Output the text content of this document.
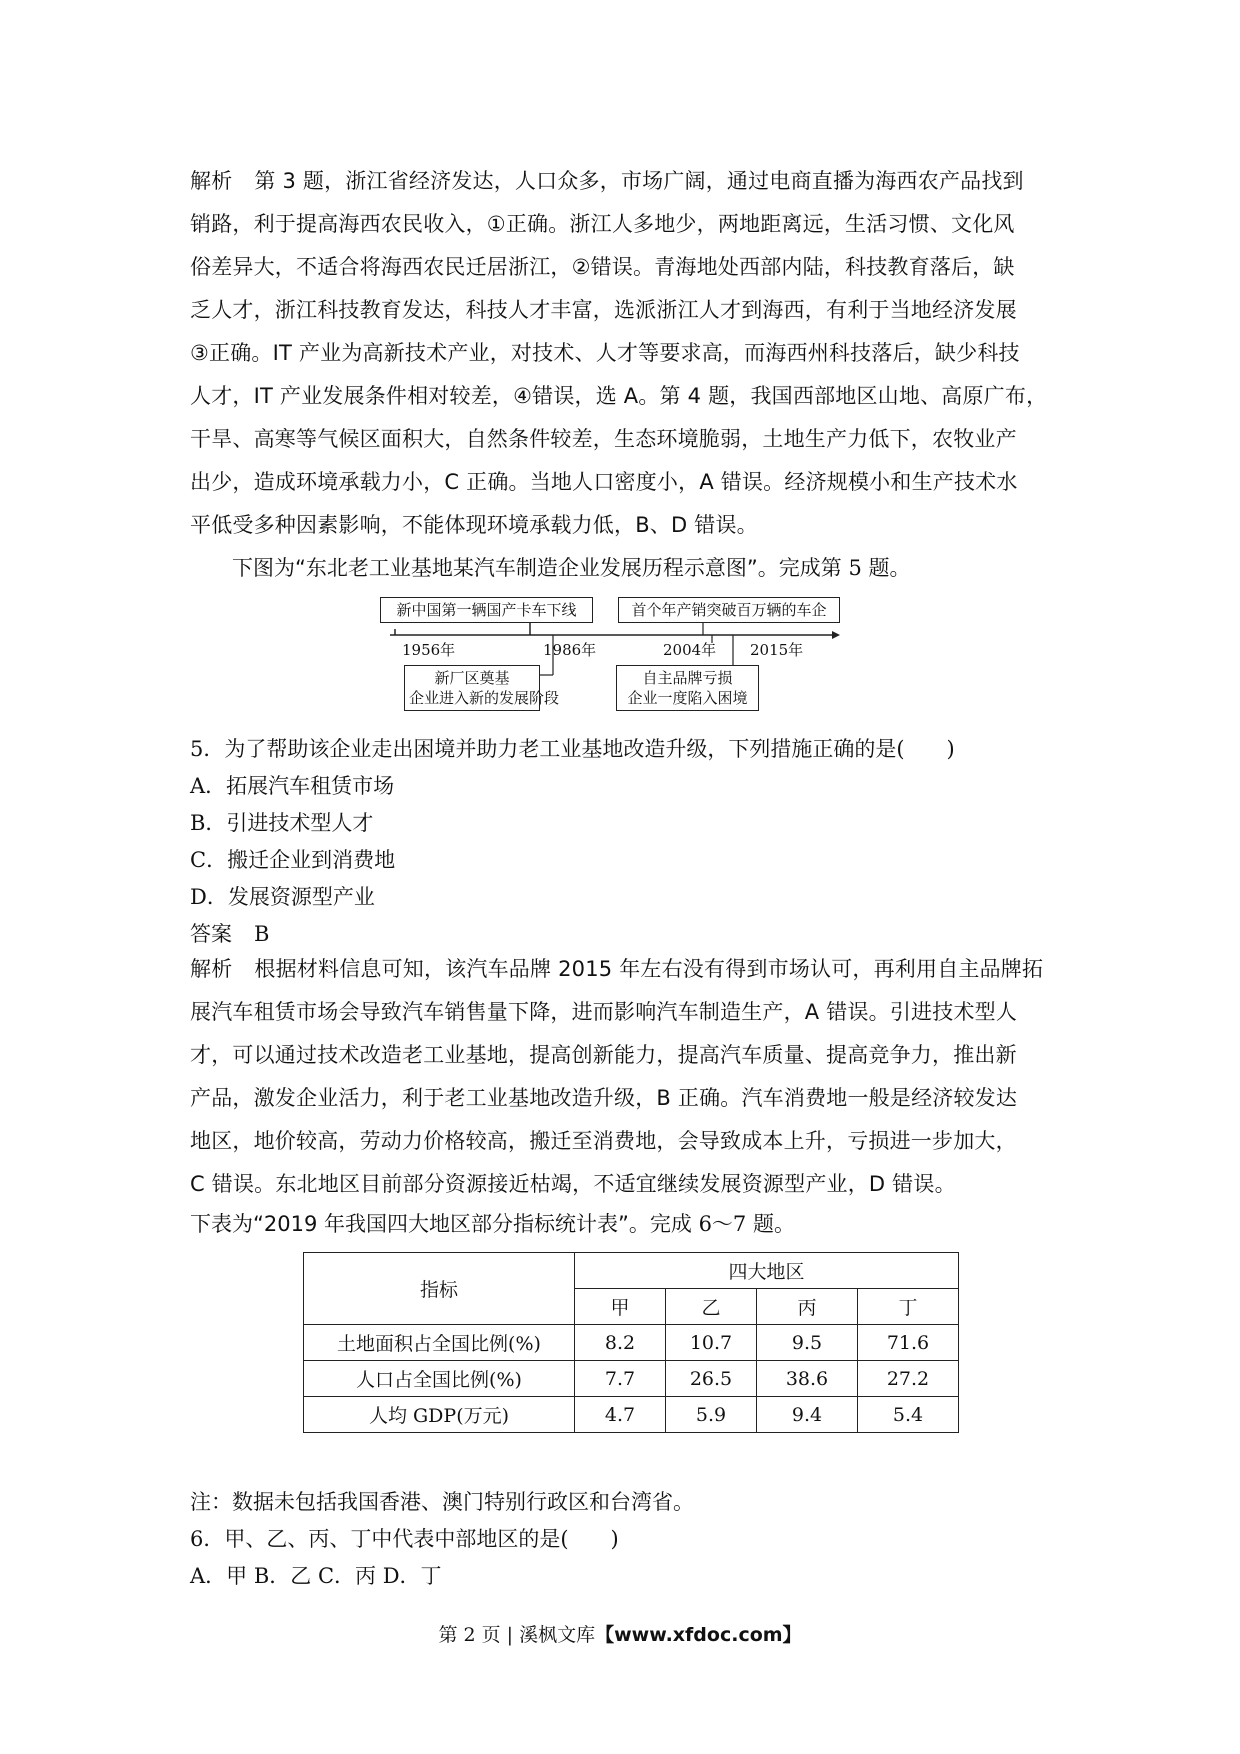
解析 第 3 题，浙江省经济发达，人口众多，市场广阔，通过电商直播为海西农产品找到
销路，利于提高海西农民收入，①正确。浙江人多地少，两地距离远，生活习惯、文化风
俗差异大，不适合将海西农民迁居浙江，②错误。青海地处西部内陆，科技教育落后，缺
乏人才，浙江科技教育发达，科技人才丰富，选派浙江人才到海西，有利于当地经济发展
③正确。IT 产业为高新技术产业，对技术、人才等要求高，而海西州科技落后，缺少科技
人才，IT 产业发展条件相对较差，④错误，选 A。第 4 题，我国西部地区山地、高原广布，
干旱、高寒等气候区面积大，自然条件较差，生态环境脆弱，土地生产力低下，农牧业产
出少，造成环境承载力小，C 正确。当地人口密度小，A 错误。经济规模小和生产技术水
平低受多种因素影响，不能体现环境承载力低，B、D 错误。
下图为“东北老工业基地某汽车制造企业发展历程示意图”。完成第 5 题。
新中国第一辆国产卡车下线	首个年产销突破百万辆的车企
1956年	1986年	2004年 2015年
新厂区奠基
企业进入新的发展阶段
自主品牌亏损
企业一度陷入困境
5．为了帮助该企业走出困境并助力老工业基地改造升级，下列措施正确的是(　　)
A．拓展汽车租赁市场
B．引进技术型人才
C．搬迁企业到消费地
D．发展资源型产业
答案 B
解析 根据材料信息可知，该汽车品牌 2015 年左右没有得到市场认可，再利用自主品牌拓
展汽车租赁市场会导致汽车销售量下降，进而影响汽车制造生产，A 错误。引进技术型人
才，可以通过技术改造老工业基地，提高创新能力，提高汽车质量、提高竞争力，推出新
产品，激发企业活力，利于老工业基地改造升级，B 正确。汽车消费地一般是经济较发达
地区，地价较高，劳动力价格较高，搬迁至消费地，会导致成本上升，亏损进一步加大，
C 错误。东北地区目前部分资源接近枯竭，不适宜继续发展资源型产业，D 错误。
下表为“2019 年我国四大地区部分指标统计表”。完成 6～7 题。
指标	四大地区			
	甲	乙	丙	丁
土地面积占全国比例(%)	8.2	10.7	9.5	71.6
人口占全国比例(%)	7.7	26.5	38.6	27.2
人均 GDP(万元)	4.7	5.9	9.4	5.4
注：数据未包括我国香港、澳门特别行政区和台湾省。
6．甲、乙、丙、丁中代表中部地区的是(　　)
A．甲 B．乙 C．丙 D．丁
第 2 页 | 溪枫文库【www.xfdoc.com】
